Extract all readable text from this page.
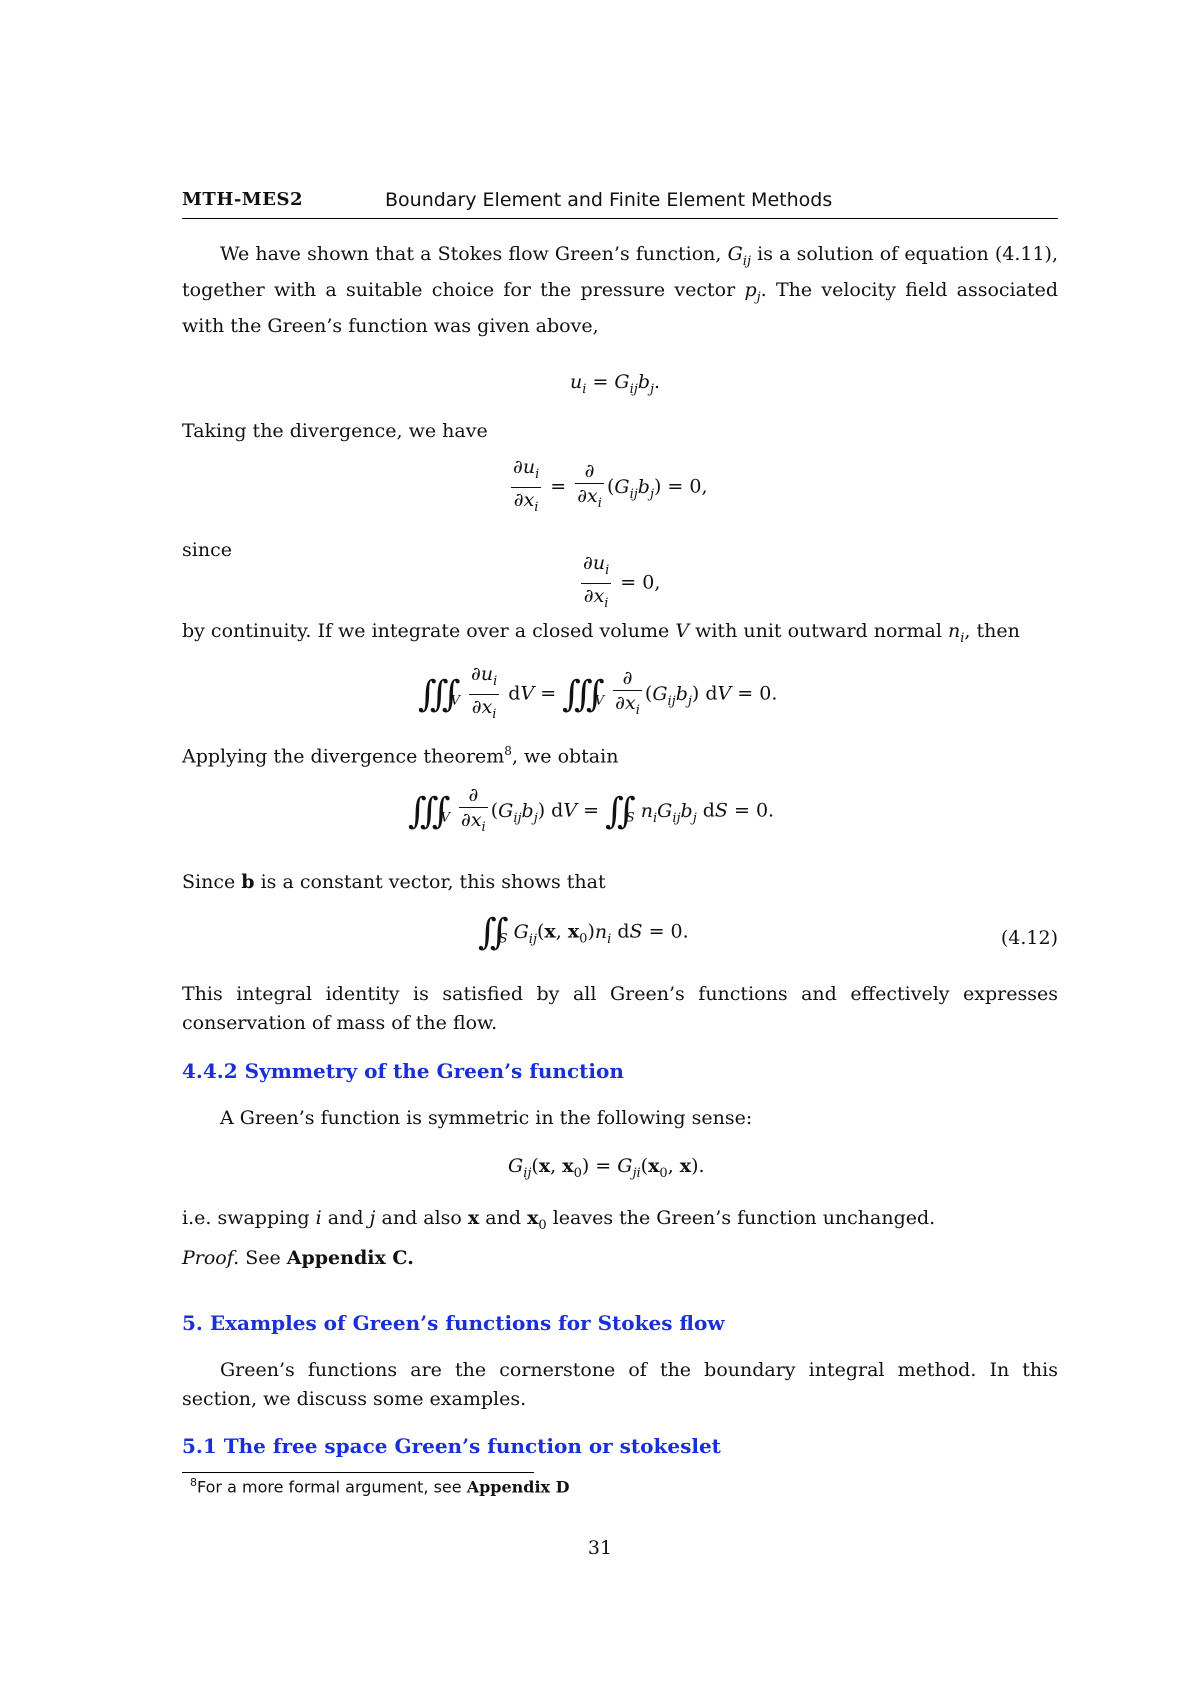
MTH-MES2	Boundary Element and Finite Element Methods
We have shown that a Stokes flow Green’s function, $G_{ij}$ is a solution of equation (4.11), together with a suitable choice for the pressure vector $p_j$. The velocity field associated with the Green’s function was given above,
$u_i = G_{ij}b_j$.
Taking the divergence, we have
$\frac{\partial u_i}{\partial x_i} = \frac{\partial}{\partial x_i} (G_{ij}b_j) = 0$,
since
$\frac{\partial u_i}{\partial x_i} = 0$,
by continuity. If we integrate over a closed volume V with unit outward normal $n_i$, then
$∭_V \frac{\partial u_i}{\partial x_i}$ dV = $∭_V \frac{\partial}{\partial x_i} (G_{ij}b_j)$ dV = 0.
Applying the divergence theorem$^8$, we obtain
$∭_V \frac{\partial}{\partial x_i} (G_{ij}b_j)$ dV = $∬_S$ $n_iG_{ij}b_j$ dS = 0.
Since b is a constant vector, this shows that
$∬_S$ $G_{ij}(x$, $x_0)n_i$ dS = 0.	(4.12)
This integral identity is satisfied by all Green’s functions and effectively expresses conservation of mass of the flow.
4.4.2 Symmetry of the Green’s function
A Green’s function is symmetric in the following sense:
$G_{ij}(x$, $x_0) = G_{ji}(x_0$, x).
i.e. swapping i and j and also x and $x_0$ leaves the Green’s function unchanged.
Proof. See Appendix C.
5. Examples of Green’s functions for Stokes flow
Green’s functions are the cornerstone of the boundary integral method. In this section, we discuss some examples.
5.1 The free space Green’s function or stokeslet
$^8$For a more formal argument, see Appendix D
31
